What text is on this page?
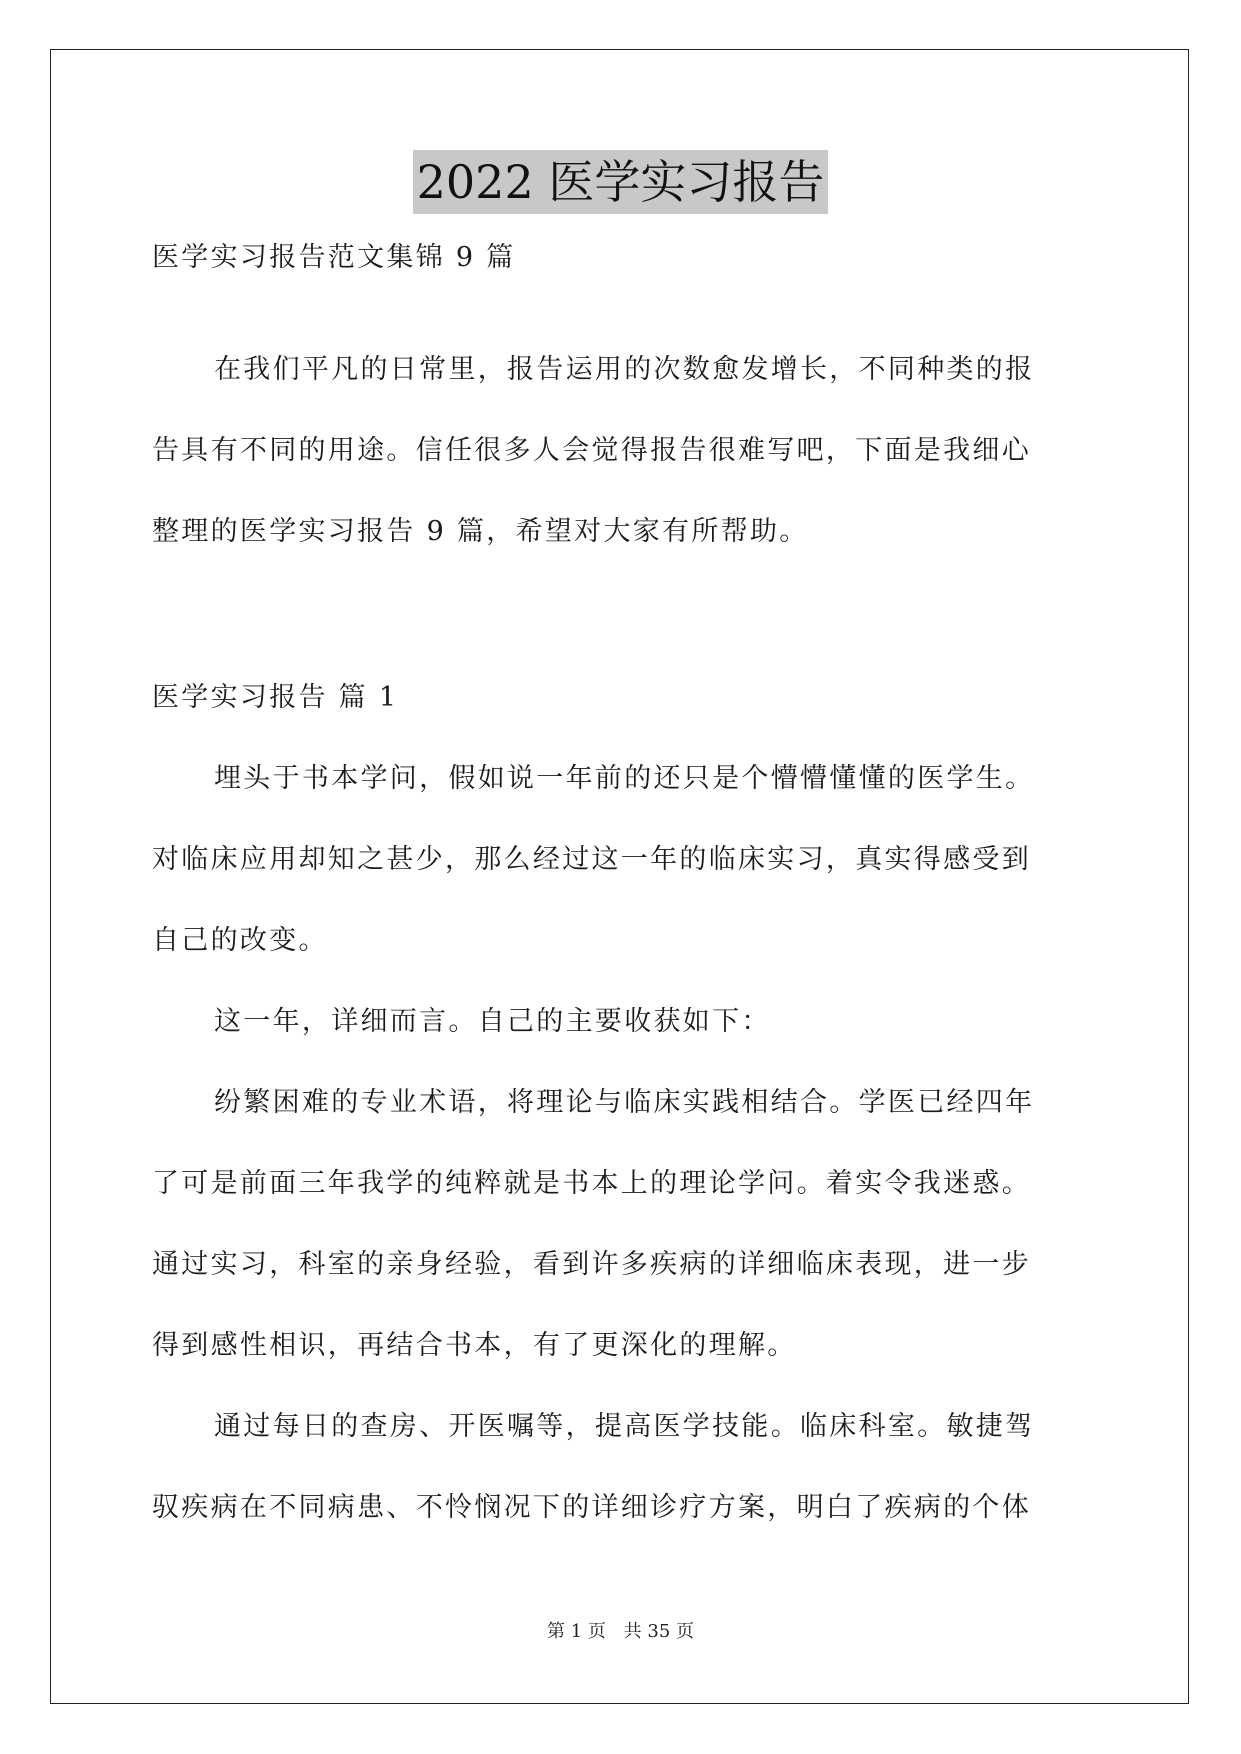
2022 医学实习报告
医学实习报告范文集锦 9 篇
在我们平凡的日常里，报告运用的次数愈发增长，不同种类的报
告具有不同的用途。信任很多人会觉得报告很难写吧，下面是我细心
整理的医学实习报告 9 篇，希望对大家有所帮助。
医学实习报告 篇 1
埋头于书本学问，假如说一年前的还只是个懵懵懂懂的医学生。
对临床应用却知之甚少，那么经过这一年的临床实习，真实得感受到
自己的改变。
这一年，详细而言。自己的主要收获如下：
纷繁困难的专业术语，将理论与临床实践相结合。学医已经四年
了可是前面三年我学的纯粹就是书本上的理论学问。着实令我迷惑。
通过实习，科室的亲身经验，看到许多疾病的详细临床表现，进一步
得到感性相识，再结合书本，有了更深化的理解。
通过每日的查房、开医嘱等，提高医学技能。临床科室。敏捷驾
驭疾病在不同病患、不怜悯况下的详细诊疗方案，明白了疾病的个体
第 1 页 共 35 页
